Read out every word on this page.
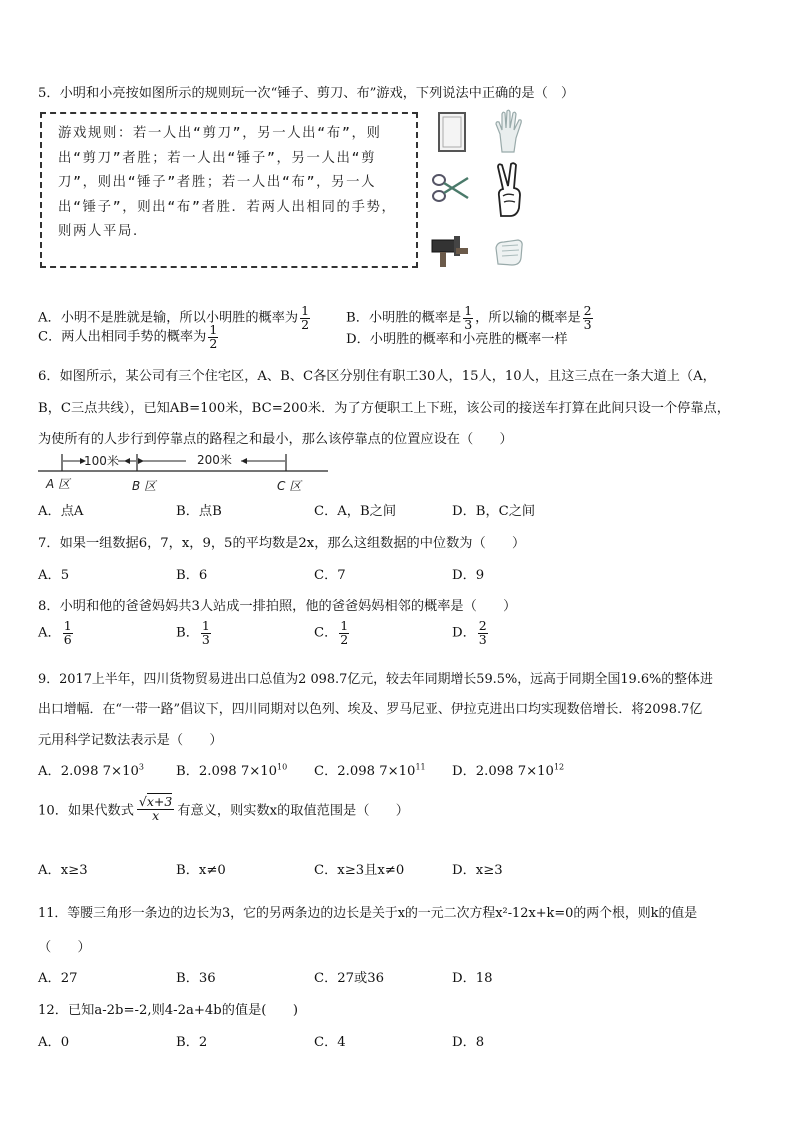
5．小明和小亮按如图所示的规则玩一次“锤子、剪刀、布”游戏，下列说法中正确的是（　）
游戏规则：若一人出“剪刀”，另一人出“布”，则出“剪刀”者胜；若一人出“锤子”，另一人出“剪刀”，则出“锤子”者胜；若一人出“布”，另一人出“锤子”，则出“布”者胜．若两人出相同的手势，则两人平局．
A．小明不是胜就是输，所以小明胜的概率为 $\frac{1}{2}$	B．小明胜的概率是 $\frac{1}{3}$ ，所以输的概率是 $\frac{2}{3}$
C．两人出相同手势的概率为 $\frac{1}{2}$	D．小明胜的概率和小亮胜的概率一样
6．如图所示，某公司有三个住宅区，A、B、C各区分别住有职工30人，15人，10人，且这三点在一条大道上（A，
B，C三点共线），已知AB=100米，BC=200米．为了方便职工上下班，该公司的接送车打算在此间只设一个停靠点，
为使所有的人步行到停靠点的路程之和最小，那么该停靠点的位置应设在（　　）
100米	200米
A 区	B 区	C 区
A．点A	B．点B	C．A，B之间	D．B，C之间
7．如果一组数据6，7，x，9，5的平均数是2x，那么这组数据的中位数为（　　）
A．5	B．6	C．7	D．9
8．小明和他的爸爸妈妈共3人站成一排拍照，他的爸爸妈妈相邻的概率是（　　）
A． $\frac{1}{6}$	B． $\frac{1}{3}$	C． $\frac{1}{2}$	D． $\frac{2}{3}$
9．2017上半年，四川货物贸易进出口总值为2 098.7亿元，较去年同期增长59.5%，远高于同期全国19.6%的整体进
出口增幅．在“一带一路”倡议下，四川同期对以色列、埃及、罗马尼亚、伊拉克进出口均实现数倍增长．将2098.7亿
元用科学记数法表示是（　　）
A．2.098 $7\times 10^3$ B．2.098 $7\times 10^{10}$ C．2.098 $7\times 10^{11}$ D．2.098 $7\times 10^{12}$
10．如果代数式 $\frac{√x+3}{x}$ 有意义，则实数x的取值范围是（　　）
A．x≥3	B．x≠0	C．x≥3且x≠0	D．x≥3
11．等腰三角形一条边的边长为3，它的另两条边的边长是关于x的一元二次方程x²-12x+k=0的两个根，则k的值是
（　　）
A．27	B．36	C．27或36	D．18
12．已知a-2b=-2,则4-2a+4b的值是(　　)
A．0	B．2	C．4	D．8
